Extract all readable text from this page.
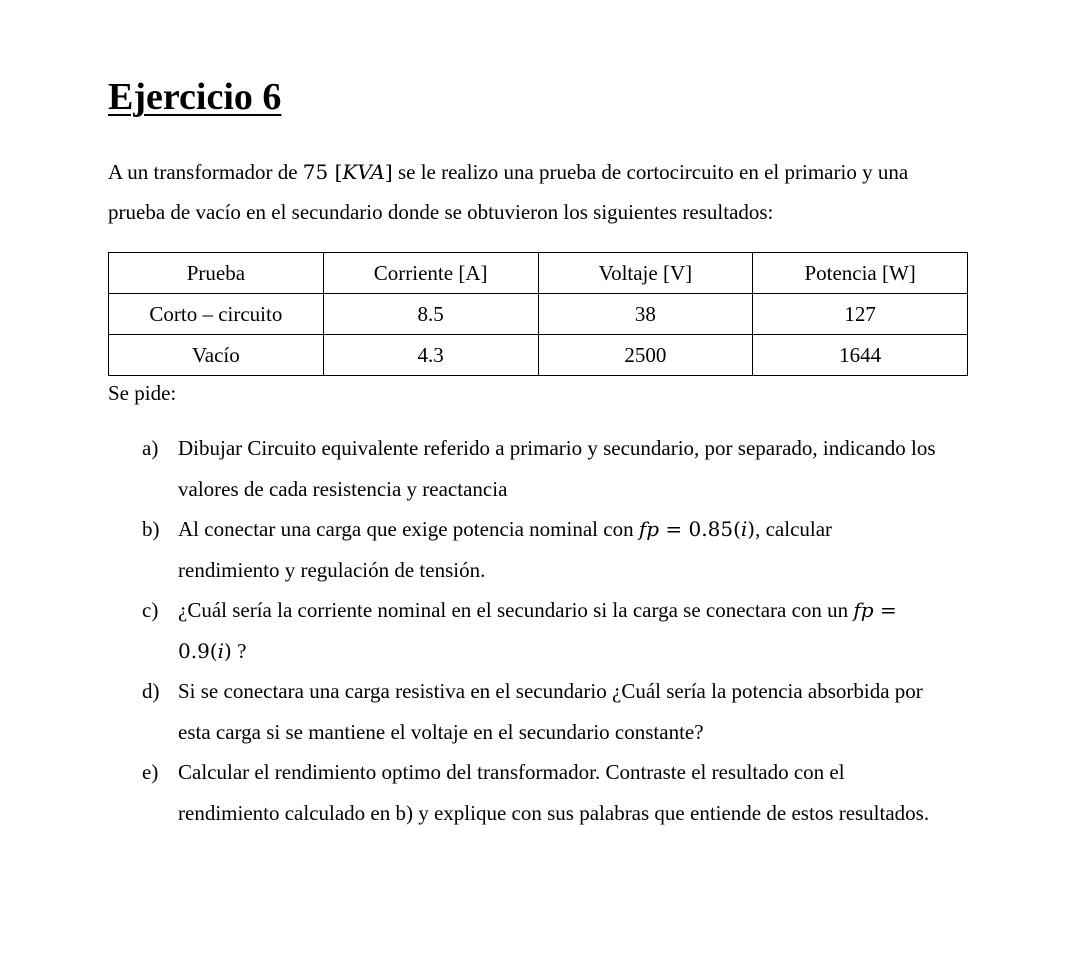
Ejercicio 6

A un transformador de 75 [KVA] se le realizo una prueba de cortocircuito en el primario y una prueba de vacío en el secundario donde se obtuvieron los siguientes resultados:

Prueba	Corriente [A]	Voltaje [V]	Potencia [W]
Corto – circuito	8.5	38	127
Vacío	4.3	2500	1644

Se pide:

a) Dibujar Circuito equivalente referido a primario y secundario, por separado, indicando los valores de cada resistencia y reactancia
b) Al conectar una carga que exige potencia nominal con fp = 0.85(i), calcular rendimiento y regulación de tensión.
c) ¿Cuál sería la corriente nominal en el secundario si la carga se conectara con un fp = 0.9(i) ?
d) Si se conectara una carga resistiva en el secundario ¿Cuál sería la potencia absorbida por esta carga si se mantiene el voltaje en el secundario constante?
e) Calcular el rendimiento optimo del transformador. Contraste el resultado con el rendimiento calculado en b) y explique con sus palabras que entiende de estos resultados.
